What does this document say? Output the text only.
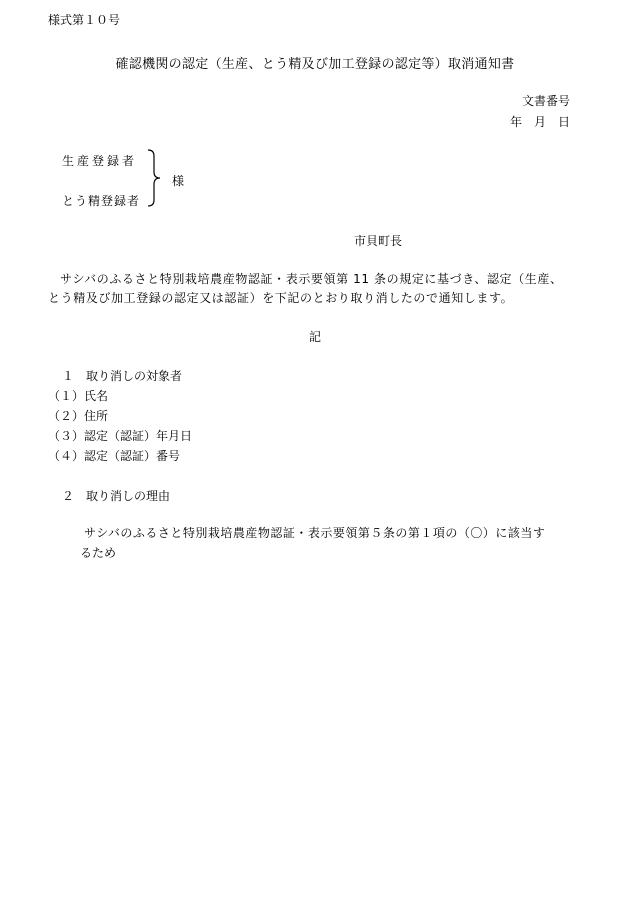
様式第１０号
確認機関の認定（生産、とう精及び加工登録の認定等）取消通知書
文書番号
年　月　日
生産登録者
とう精登録者
様
市貝町長
サシバのふるさと特別栽培農産物認証・表示要領第 11 条の規定に基づき、認定（生産、
とう精及び加工登録の認定又は認証）を下記のとおり取り消したので通知します。
記
１　取り消しの対象者
（１）氏名
（２）住所
（３）認定（認証）年月日
（４）認定（認証）番号
２　取り消しの理由
サシバのふるさと特別栽培農産物認証・表示要領第５条の第１項の（〇）に該当す
るため
